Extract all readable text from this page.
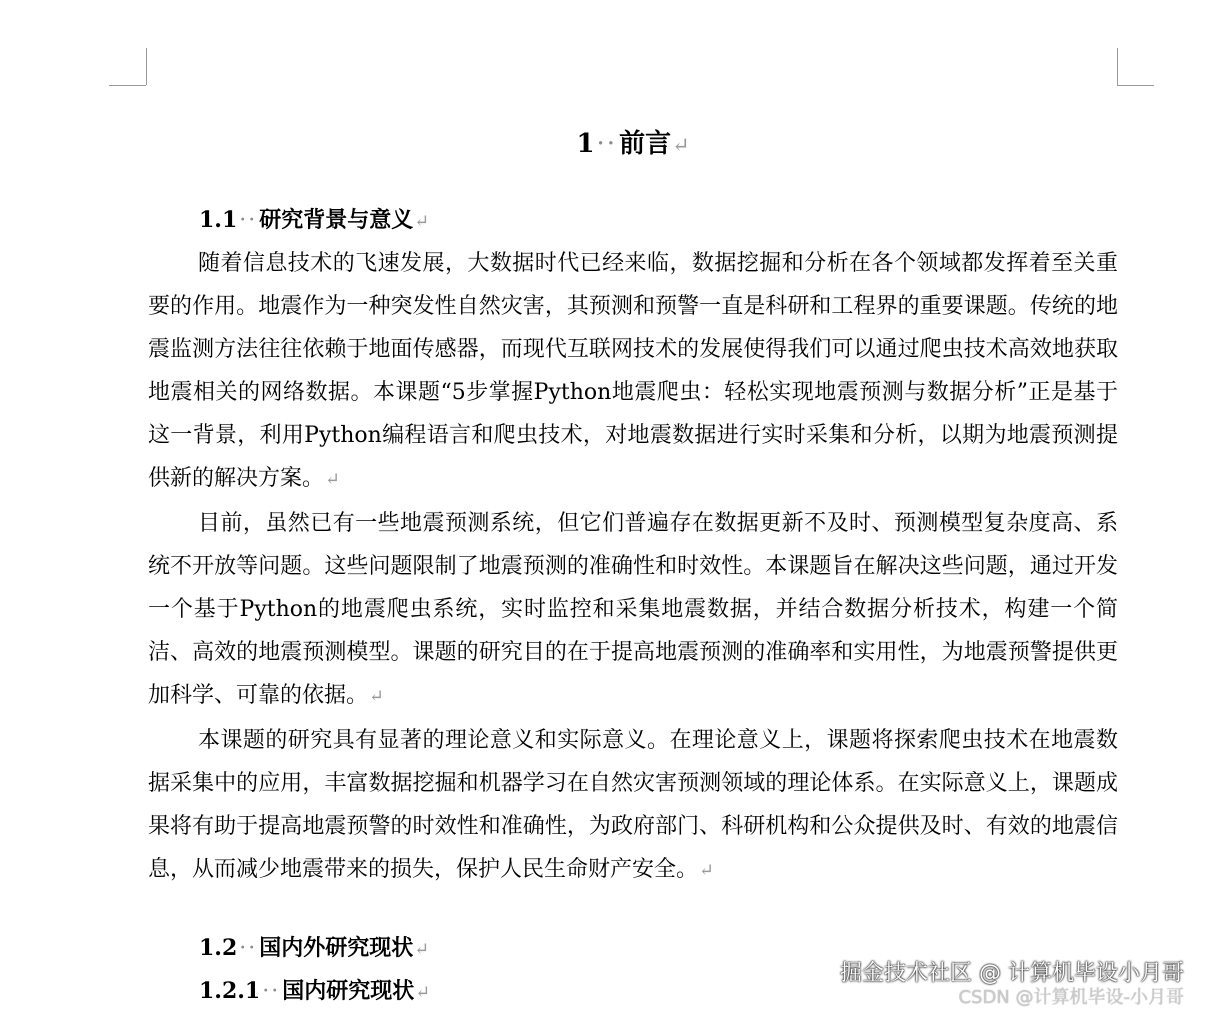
1··前言↵
1.1··研究背景与意义↵

随着信息技术的飞速发展，大数据时代已经来临，数据挖掘和分析在各个领域都发挥着至关重要的作用。地震作为一种突发性自然灾害，其预测和预警一直是科研和工程界的重要课题。传统的地震监测方法往往依赖于地面传感器，而现代互联网技术的发展使得我们可以通过爬虫技术高效地获取地震相关的网络数据。本课题“5步掌握Python地震爬虫：轻松实现地震预测与数据分析”正是基于这一背景，利用Python编程语言和爬虫技术，对地震数据进行实时采集和分析，以期为地震预测提供新的解决方案。↵

目前，虽然已有一些地震预测系统，但它们普遍存在数据更新不及时、预测模型复杂度高、系统不开放等问题。这些问题限制了地震预测的准确性和时效性。本课题旨在解决这些问题，通过开发一个基于Python的地震爬虫系统，实时监控和采集地震数据，并结合数据分析技术，构建一个简洁、高效的地震预测模型。课题的研究目的在于提高地震预测的准确率和实用性，为地震预警提供更加科学、可靠的依据。↵

本课题的研究具有显著的理论意义和实际意义。在理论意义上，课题将探索爬虫技术在地震数据采集中的应用，丰富数据挖掘和机器学习在自然灾害预测领域的理论体系。在实际意义上，课题成果将有助于提高地震预警的时效性和准确性，为政府部门、科研机构和公众提供及时、有效的地震信息，从而减少地震带来的损失，保护人民生命财产安全。↵

1.2··国内外研究现状↵
1.2.1··国内研究现状↵
掘金技术社区 @ 计算机毕设小月哥
CSDN @计算机毕设-小月哥
